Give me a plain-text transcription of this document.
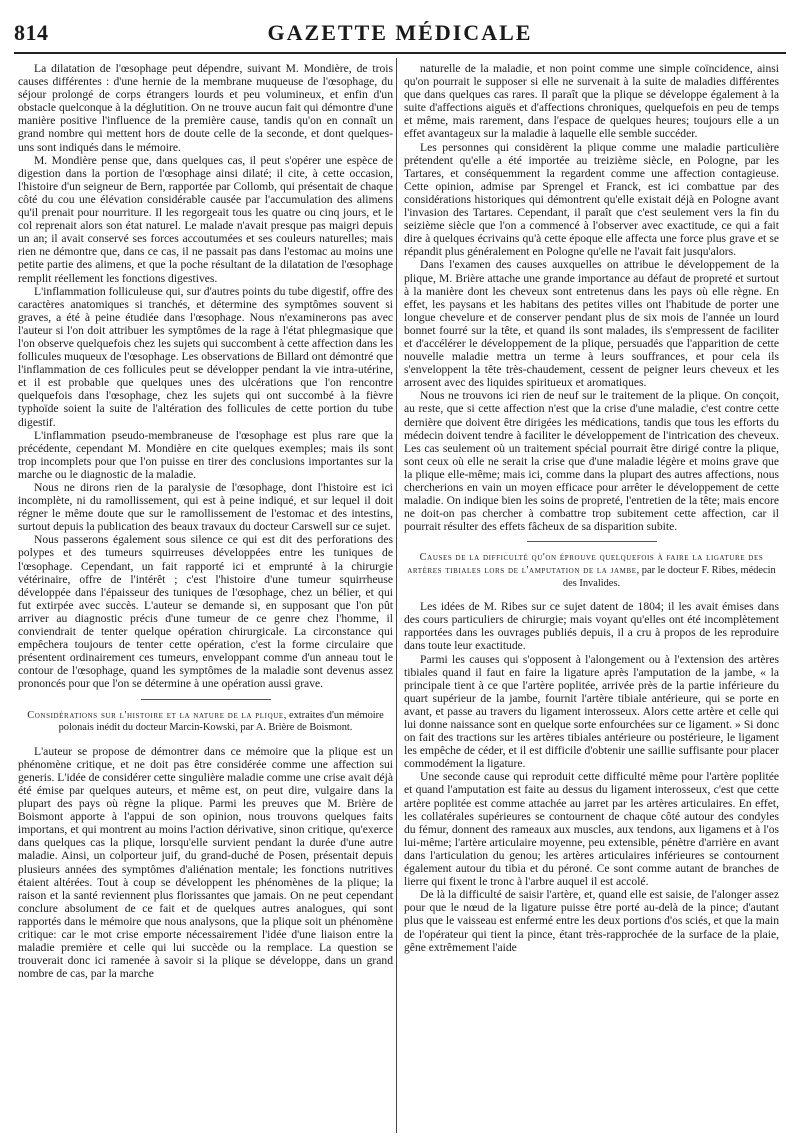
814	GAZETTE MÉDICALE

La dilatation de l'œsophage peut dépendre, suivant M. Mondière, de trois causes différentes : d'une hernie de la membrane muqueuse de l'œsophage, du séjour prolongé de corps étrangers lourds et peu volumineux, et enfin d'un obstacle quelconque à la déglutition. On ne trouve aucun fait qui démontre d'une manière positive l'influence de la première cause, tandis qu'on en connaît un grand nombre qui mettent hors de doute celle de la seconde, et dont quelques-uns sont indiqués dans le mémoire.

M. Mondière pense que, dans quelques cas, il peut s'opérer une espèce de digestion dans la portion de l'œsophage ainsi dilaté; il cite, à cette occasion, l'histoire d'un seigneur de Bern, rapportée par Collomb, qui présentait de chaque côté du cou une élévation considérable causée par l'accumulation des alimens qu'il prenait pour nourriture. Il les regorgeait tous les quatre ou cinq jours, et le col reprenait alors son état naturel. Le malade n'avait presque pas maigri depuis un an; il avait conservé ses forces accoutumées et ses couleurs naturelles; mais rien ne démontre que, dans ce cas, il ne passait pas dans l'estomac au moins une petite partie des alimens, et que la poche résultant de la dilatation de l'œsophage remplit réellement les fonctions digestives.

L'inflammation folliculeuse qui, sur d'autres points du tube digestif, offre des caractères anatomiques si tranchés, et détermine des symptômes souvent si graves, a été à peine étudiée dans l'œsophage. Nous n'examinerons pas avec l'auteur si l'on doit attribuer les symptômes de la rage à l'état phlegmasique que l'on observe quelquefois chez les sujets qui succombent à cette affection dans les follicules muqueux de l'œsophage. Les observations de Billard ont démontré que l'inflammation de ces follicules peut se développer pendant la vie intra-utérine, et il est probable que quelques unes des ulcérations que l'on rencontre quelquefois dans l'œsophage, chez les sujets qui ont succombé à la fièvre typhoïde soient la suite de l'altération des follicules de cette portion du tube digestif.

L'inflammation pseudo-membraneuse de l'œsophage est plus rare que la précédente, cependant M. Mondière en cite quelques exemples; mais ils sont trop incomplets pour que l'on puisse en tirer des conclusions importantes sur la marche ou le diagnostic de la maladie.

Nous ne dirons rien de la paralysie de l'œsophage, dont l'histoire est ici incomplète, ni du ramollissement, qui est à peine indiqué, et sur lequel il doit régner le même doute que sur le ramollissement de l'estomac et des intestins, surtout depuis la publication des beaux travaux du docteur Carswell sur ce sujet.

Nous passerons également sous silence ce qui est dit des perforations des polypes et des tumeurs squirreuses développées entre les tuniques de l'œsophage. Cependant, un fait rapporté ici et emprunté à la chirurgie vétérinaire, offre de l'intérêt ; c'est l'histoire d'une tumeur squirrheuse développée dans l'épaisseur des tuniques de l'œsophage, chez un bélier, et qui fut extirpée avec succès. L'auteur se demande si, en supposant que l'on pût arriver au diagnostic précis d'une tumeur de ce genre chez l'homme, il conviendrait de tenter quelque opération chirurgicale. La circonstance qui empêchera toujours de tenter cette opération, c'est la forme circulaire que présentent ordinairement ces tumeurs, enveloppant comme d'un anneau tout le contour de l'œsophage, quand les symptômes de la maladie sont devenus assez prononcés pour que l'on se détermine à une opération aussi grave.

Considérations sur l'histoire et la nature de la plique, extraites d'un mémoire polonais inédit du docteur Marcin-Kowski, par A. Brière de Boismont.

L'auteur se propose de démontrer dans ce mémoire que la plique est un phénomène critique, et ne doit pas être considérée comme une affection sui generis. L'idée de considérer cette singulière maladie comme une crise avait déjà été émise par quelques auteurs, et même est, on peut dire, vulgaire dans la plupart des pays où règne la plique. Parmi les preuves que M. Brière de Boismont apporte à l'appui de son opinion, nous trouvons quelques faits importans, et qui montrent au moins l'action dérivative, sinon critique, qu'exerce dans quelques cas la plique, lorsqu'elle survient pendant la durée d'une autre maladie. Ainsi, un colporteur juif, du grand-duché de Posen, présentait depuis plusieurs années des symptômes d'aliénation mentale; les fonctions nutritives étaient altérées. Tout à coup se développent les phénomènes de la plique; la raison et la santé reviennent plus florissantes que jamais. On ne peut cependant conclure absolument de ce fait et de quelques autres analogues, qui sont rapportés dans le mémoire que nous analysons, que la plique soit un phénomène critique: car le mot crise emporte nécessairement l'idée d'une liaison entre la maladie première et celle qui lui succède ou la remplace. La question se trouverait donc ici ramenée à savoir si la plique se développe, dans un grand nombre de cas, par la marche

naturelle de la maladie, et non point comme une simple coïncidence, ainsi qu'on pourrait le supposer si elle ne survenait à la suite de maladies différentes que dans quelques cas rares. Il paraît que la plique se développe également à la suite d'affections aiguës et d'affections chroniques, quelquefois en peu de temps et même, mais rarement, dans l'espace de quelques heures; toujours elle a un effet avantageux sur la maladie à laquelle elle semble succéder.

Les personnes qui considèrent la plique comme une maladie particulière prétendent qu'elle a été importée au treizième siècle, en Pologne, par les Tartares, et conséquemment la regardent comme une affection contagieuse. Cette opinion, admise par Sprengel et Franck, est ici combattue par des considérations historiques qui démontrent qu'elle existait déjà en Pologne avant l'invasion des Tartares. Cependant, il paraît que c'est seulement vers la fin du seizième siècle que l'on a commencé à l'observer avec exactitude, ce qui a fait dire à quelques écrivains qu'à cette époque elle affecta une force plus grave et se répandit plus généralement en Pologne qu'elle ne l'avait fait jusqu'alors.

Dans l'examen des causes auxquelles on attribue le développement de la plique, M. Brière attache une grande importance au défaut de propreté et surtout à la manière dont les cheveux sont entretenus dans les pays où elle règne. En effet, les paysans et les habitans des petites villes ont l'habitude de porter une longue chevelure et de conserver pendant plus de six mois de l'année un lourd bonnet fourré sur la tête, et quand ils sont malades, ils s'empressent de faciliter et d'accélérer le développement de la plique, persuadés que l'apparition de cette nouvelle maladie mettra un terme à leurs souffrances, et pour cela ils s'enveloppent la tête très-chaudement, cessent de peigner leurs cheveux et les arrosent avec des liquides spiritueux et aromatiques.

Nous ne trouvons ici rien de neuf sur le traitement de la plique. On conçoit, au reste, que si cette affection n'est que la crise d'une maladie, c'est contre cette dernière que doivent être dirigées les médications, tandis que tous les efforts du médecin doivent tendre à faciliter le développement de l'intrication des cheveux. Les cas seulement où un traitement spécial pourrait être dirigé contre la plique, sont ceux où elle ne serait la crise que d'une maladie légère et moins grave que la plique elle-même; mais ici, comme dans la plupart des autres affections, nous chercherions en vain un moyen efficace pour arrêter le développement de cette maladie. On indique bien les soins de propreté, l'entretien de la tête; mais encore ne doit-on pas chercher à combattre trop subitement cette affection, car il pourrait résulter des effets fâcheux de sa disparition subite.

Causes de la difficulté qu'on éprouve quelquefois à faire la ligature des artères tibiales lors de l'amputation de la jambe, par le docteur F. Ribes, médecin des Invalides.

Les idées de M. Ribes sur ce sujet datent de 1804; il les avait émises dans des cours particuliers de chirurgie; mais voyant qu'elles ont été incomplètement rapportées dans les ouvrages publiés depuis, il a cru à propos de les reproduire dans toute leur exactitude.

Parmi les causes qui s'opposent à l'alongement ou à l'extension des artères tibiales quand il faut en faire la ligature après l'amputation de la jambe, « la principale tient à ce que l'artère poplitée, arrivée près de la partie inférieure du quart supérieur de la jambe, fournit l'artère tibiale antérieure, qui se porte en avant, et passe au travers du ligament interosseux. Alors cette artère et celle qui lui donne naissance sont en quelque sorte enfourchées sur ce ligament. » Si donc on fait des tractions sur les artères tibiales antérieure ou postérieure, le ligament les empêche de céder, et il est difficile d'obtenir une saillie suffisante pour placer commodément la ligature.

Une seconde cause qui reproduit cette difficulté même pour l'artère poplitée et quand l'amputation est faite au dessus du ligament interosseux, c'est que cette artère poplitée est comme attachée au jarret par les artères articulaires. En effet, les collatérales supérieures se contournent de chaque côté autour des condyles du fémur, donnent des rameaux aux muscles, aux tendons, aux ligamens et à l'os lui-même; l'artère articulaire moyenne, peu extensible, pénètre d'arrière en avant dans l'articulation du genou; les artères articulaires inférieures se contournent également autour du tibia et du péroné. Ce sont comme autant de branches de lierre qui fixent le tronc à l'arbre auquel il est accolé.

De là la difficulté de saisir l'artère, et, quand elle est saisie, de l'alonger assez pour que le nœud de la ligature puisse être porté au-delà de la pince; d'autant plus que le vaisseau est enfermé entre les deux portions d'os sciés, et que la main de l'opérateur qui tient la pince, étant très-rapprochée de la surface de la plaie, gêne extrêmement l'aide
